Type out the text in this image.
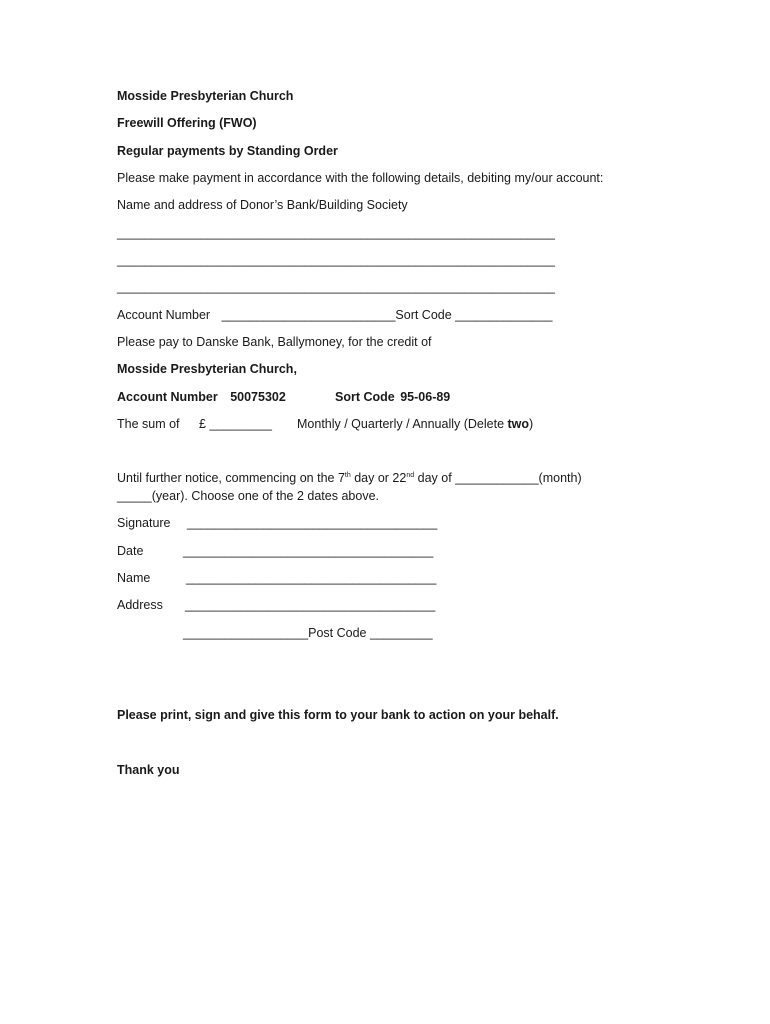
Mosside Presbyterian Church
Freewill Offering (FWO)
Regular payments by Standing Order
Please make payment in accordance with the following details, debiting my/our account:
Name and address of Donor’s Bank/Building Society
_______________________________________________________________
_______________________________________________________________
_______________________________________________________________
Account Number _________________________Sort Code ______________
Please pay to Danske Bank, Ballymoney, for the credit of
Mosside Presbyterian Church,
Account Number 50075302	Sort Code 95-06-89
The sum of £ _________ Monthly / Quarterly / Annually (Delete two)
Until further notice, commencing on the 7th day or 22nd day of ____________(month)
_____(year). Choose one of the 2 dates above.
Signature ____________________________________
Date	____________________________________
Name	____________________________________
Address ____________________________________
__________________Post Code _________
Please print, sign and give this form to your bank to action on your behalf.
Thank you
